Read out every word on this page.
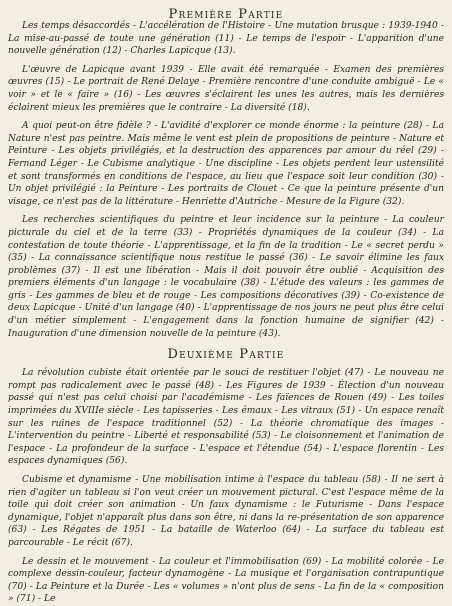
Première Partie

Les temps désaccordés - L'accélération de l'Histoire - Une mutation brusque : 1939-1940 - La mise-au-passé de toute une génération (11) - Le temps de l'espoir - L'apparition d'une nouvelle génération (12) - Charles Lapicque (13).

L'œuvre de Lapicque avant 1939 - Elle avait été remarquée - Examen des premières œuvres (15) - Le portrait de René Delaye - Première rencontre d'une conduite ambiguë - Le « voir » et le « faire » (16) - Les œuvres s'éclairent les unes les autres, mais les dernières éclairent mieux les premières que le contraire - La diversité (18).

A quoi peut-on être fidèle ? - L'avidité d'explorer ce monde énorme : la peinture (28) - La Nature n'est pas peintre. Mais même le vent est plein de propositions de peinture - Nature et Peinture - Les objets privilégiés, et la destruction des apparences par amour du réel (29) - Fernand Léger - Le Cubisme analytique - Une discipline - Les objets perdent leur ustensilité et sont transformés en conditions de l'espace, au lieu que l'espace soit leur condition (30) - Un objet privilégié : la Peinture - Les portraits de Clouet - Ce que la peinture présente d'un visage, ce n'est pas de la littérature - Henriette d'Autriche - Mesure de la Figure (32).

Les recherches scientifiques du peintre et leur incidence sur la peinture - La couleur picturale du ciel et de la terre (33) - Propriétés dynamiques de la couleur (34) - La contestation de toute théorie - L'apprentissage, et la fin de la tradition - Le « secret perdu » (35) - La connaissance scientifique nous restitue le passé (36) - Le savoir élimine les faux problèmes (37) - Il est une libération - Mais il doit pouvoir être oublié - Acquisition des premiers éléments d'un langage : le vocabulaire (38) - L'étude des valeurs : les gammes de gris - Les gammes de bleu et de rouge - Les compositions décoratives (39) - Co-existence de deux Lapicque - Unité d'un langage (40) - L'apprentissage de nos jours ne peut plus être celui d'un métier simplement - L'engagement dans la fonction humaine de signifier (42) - Inauguration d'une dimension nouvelle de la peinture (43).

Deuxième Partie

La révolution cubiste était orientée par le souci de restituer l'objet (47) - Le nouveau ne rompt pas radicalement avec le passé (48) - Les Figures de 1939 - Élection d'un nouveau passé qui n'est pas celui choisi par l'académisme - Les faïences de Rouen (49) - Les toiles imprimées du XVIIIe siècle - Les tapisseries - Les émaux - Les vitraux (51) - Un espace renaît sur les ruines de l'espace traditionnel (52) - La théorie chromatique des images - L'intervention du peintre - Liberté et responsabilité (53) - Le cloisonnement et l'animation de l'espace - La profondeur de la surface - L'espace et l'étendue (54) - L'espace florentin - Les espaces dynamiques (56).

Cubisme et dynamisme - Une mobilisation intime à l'espace du tableau (58) - Il ne sert à rien d'agiter un tableau si l'on veut créer un mouvement pictural. C'est l'espace même de la toile qui doit créer son animation - Un faux dynamisme : le Futurisme - Dans l'espace dynamique, l'objet n'apparaît plus dans son être, ni dans la re-présentation de son apparence (63) - Les Régates de 1951 - La bataille de Waterloo (64) - La surface du tableau est parcourable - Le récit (67).

Le dessin et le mouvement - La couleur et l'immobilisation (69) - La mobilité colorée - Le complexe dessin-couleur, facteur dynamogène - La musique et l'organisation contrapuntique (70) - La Peinture et la Durée - Les « volumes » n'ont plus de sens - La fin de la « composition » (71) - Le
